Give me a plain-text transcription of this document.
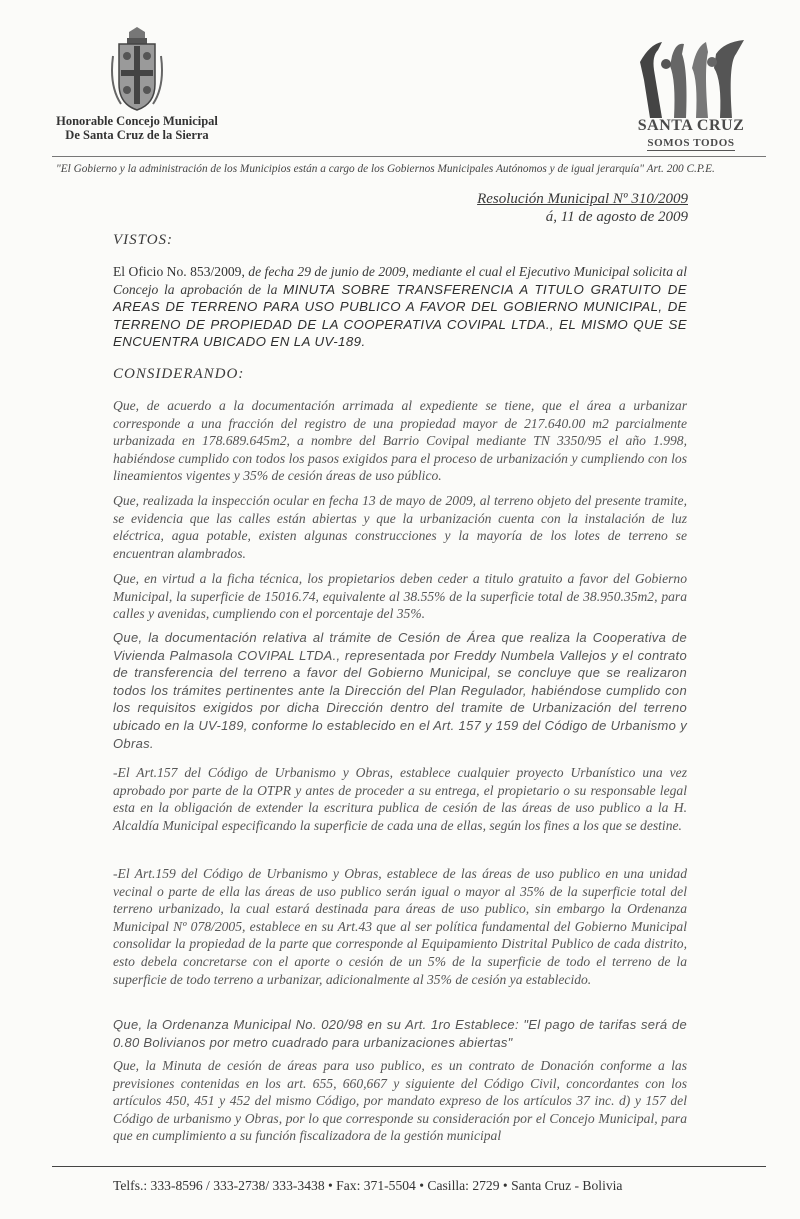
Honorable Concejo Municipal
De Santa Cruz de la Sierra
SANTA CRUZ
SOMOS TODOS
"El Gobierno y la administración de los Municipios están a cargo de los Gobiernos Municipales Autónomos y de igual jerarquía" Art. 200 C.P.E.
Resolución Municipal Nº 310/2009
á, 11 de agosto de 2009
VISTOS:
El Oficio No. 853/2009, de fecha 29 de junio de 2009, mediante el cual el Ejecutivo Municipal solicita al Concejo la aprobación de la MINUTA SOBRE TRANSFERENCIA A TITULO GRATUITO DE AREAS DE TERRENO PARA USO PUBLICO A FAVOR DEL GOBIERNO MUNICIPAL, DE TERRENO DE PROPIEDAD DE LA COOPERATIVA COVIPAL LTDA., EL MISMO QUE SE ENCUENTRA UBICADO EN LA UV-189.
CONSIDERANDO:
Que, de acuerdo a la documentación arrimada al expediente se tiene, que el área a urbanizar corresponde a una fracción del registro de una propiedad mayor de 217.640.00 m2 parcialmente urbanizada en 178.689.645m2, a nombre del Barrio Covipal mediante TN 3350/95 el año 1.998, habiéndose cumplido con todos los pasos exigidos para el proceso de urbanización y cumpliendo con los lineamientos vigentes y 35% de cesión áreas de uso público.
Que, realizada la inspección ocular en fecha 13 de mayo de 2009, al terreno objeto del presente tramite, se evidencia que las calles están abiertas y que la urbanización cuenta con la instalación de luz eléctrica, agua potable, existen algunas construcciones y la mayoría de los lotes de terreno se encuentran alambrados.
Que, en virtud a la ficha técnica, los propietarios deben ceder a titulo gratuito a favor del Gobierno Municipal, la superficie de 15016.74, equivalente al 38.55% de la superficie total de 38.950.35m2, para calles y avenidas, cumpliendo con el porcentaje del 35%.
Que, la documentación relativa al trámite de Cesión de Área que realiza la Cooperativa de Vivienda Palmasola COVIPAL LTDA., representada por Freddy Numbela Vallejos y el contrato de transferencia del terreno a favor del Gobierno Municipal, se concluye que se realizaron todos los trámites pertinentes ante la Dirección del Plan Regulador, habiéndose cumplido con los requisitos exigidos por dicha Dirección dentro del tramite de Urbanización del terreno ubicado en la UV-189, conforme lo establecido en el Art. 157 y 159 del Código de Urbanismo y Obras.
-El Art.157 del Código de Urbanismo y Obras, establece cualquier proyecto Urbanístico una vez aprobado por parte de la OTPR y antes de proceder a su entrega, el propietario o su responsable legal esta en la obligación de extender la escritura publica de cesión de las áreas de uso publico a la H. Alcaldía Municipal especificando la superficie de cada una de ellas, según los fines a los que se destine.
-El Art.159 del Código de Urbanismo y Obras, establece de las áreas de uso publico en una unidad vecinal o parte de ella las áreas de uso publico serán igual o mayor al 35% de la superficie total del terreno urbanizado, la cual estará destinada para áreas de uso publico, sin embargo la Ordenanza Municipal Nº 078/2005, establece en su Art.43 que al ser política fundamental del Gobierno Municipal consolidar la propiedad de la parte que corresponde al Equipamiento Distrital Publico de cada distrito, esto debela concretarse con el aporte o cesión de un 5% de la superficie de todo el terreno de la superficie de todo terreno a urbanizar, adicionalmente al 35% de cesión ya establecido.
Que, la Ordenanza Municipal No. 020/98 en su Art. 1ro Establece: "El pago de tarifas será de 0.80 Bolivianos por metro cuadrado para urbanizaciones abiertas"
Que, la Minuta de cesión de áreas para uso publico, es un contrato de Donación conforme a las previsiones contenidas en los art. 655, 660,667 y siguiente del Código Civil, concordantes con los artículos 450, 451 y 452 del mismo Código, por mandato expreso de los artículos 37 inc. d) y 157 del Código de urbanismo y Obras, por lo que corresponde su consideración por el Concejo Municipal, para que en cumplimiento a su función fiscalizadora de la gestión municipal
Telfs.: 333-8596 / 333-2738/ 333-3438 • Fax: 371-5504 • Casilla: 2729 • Santa Cruz - Bolivia
